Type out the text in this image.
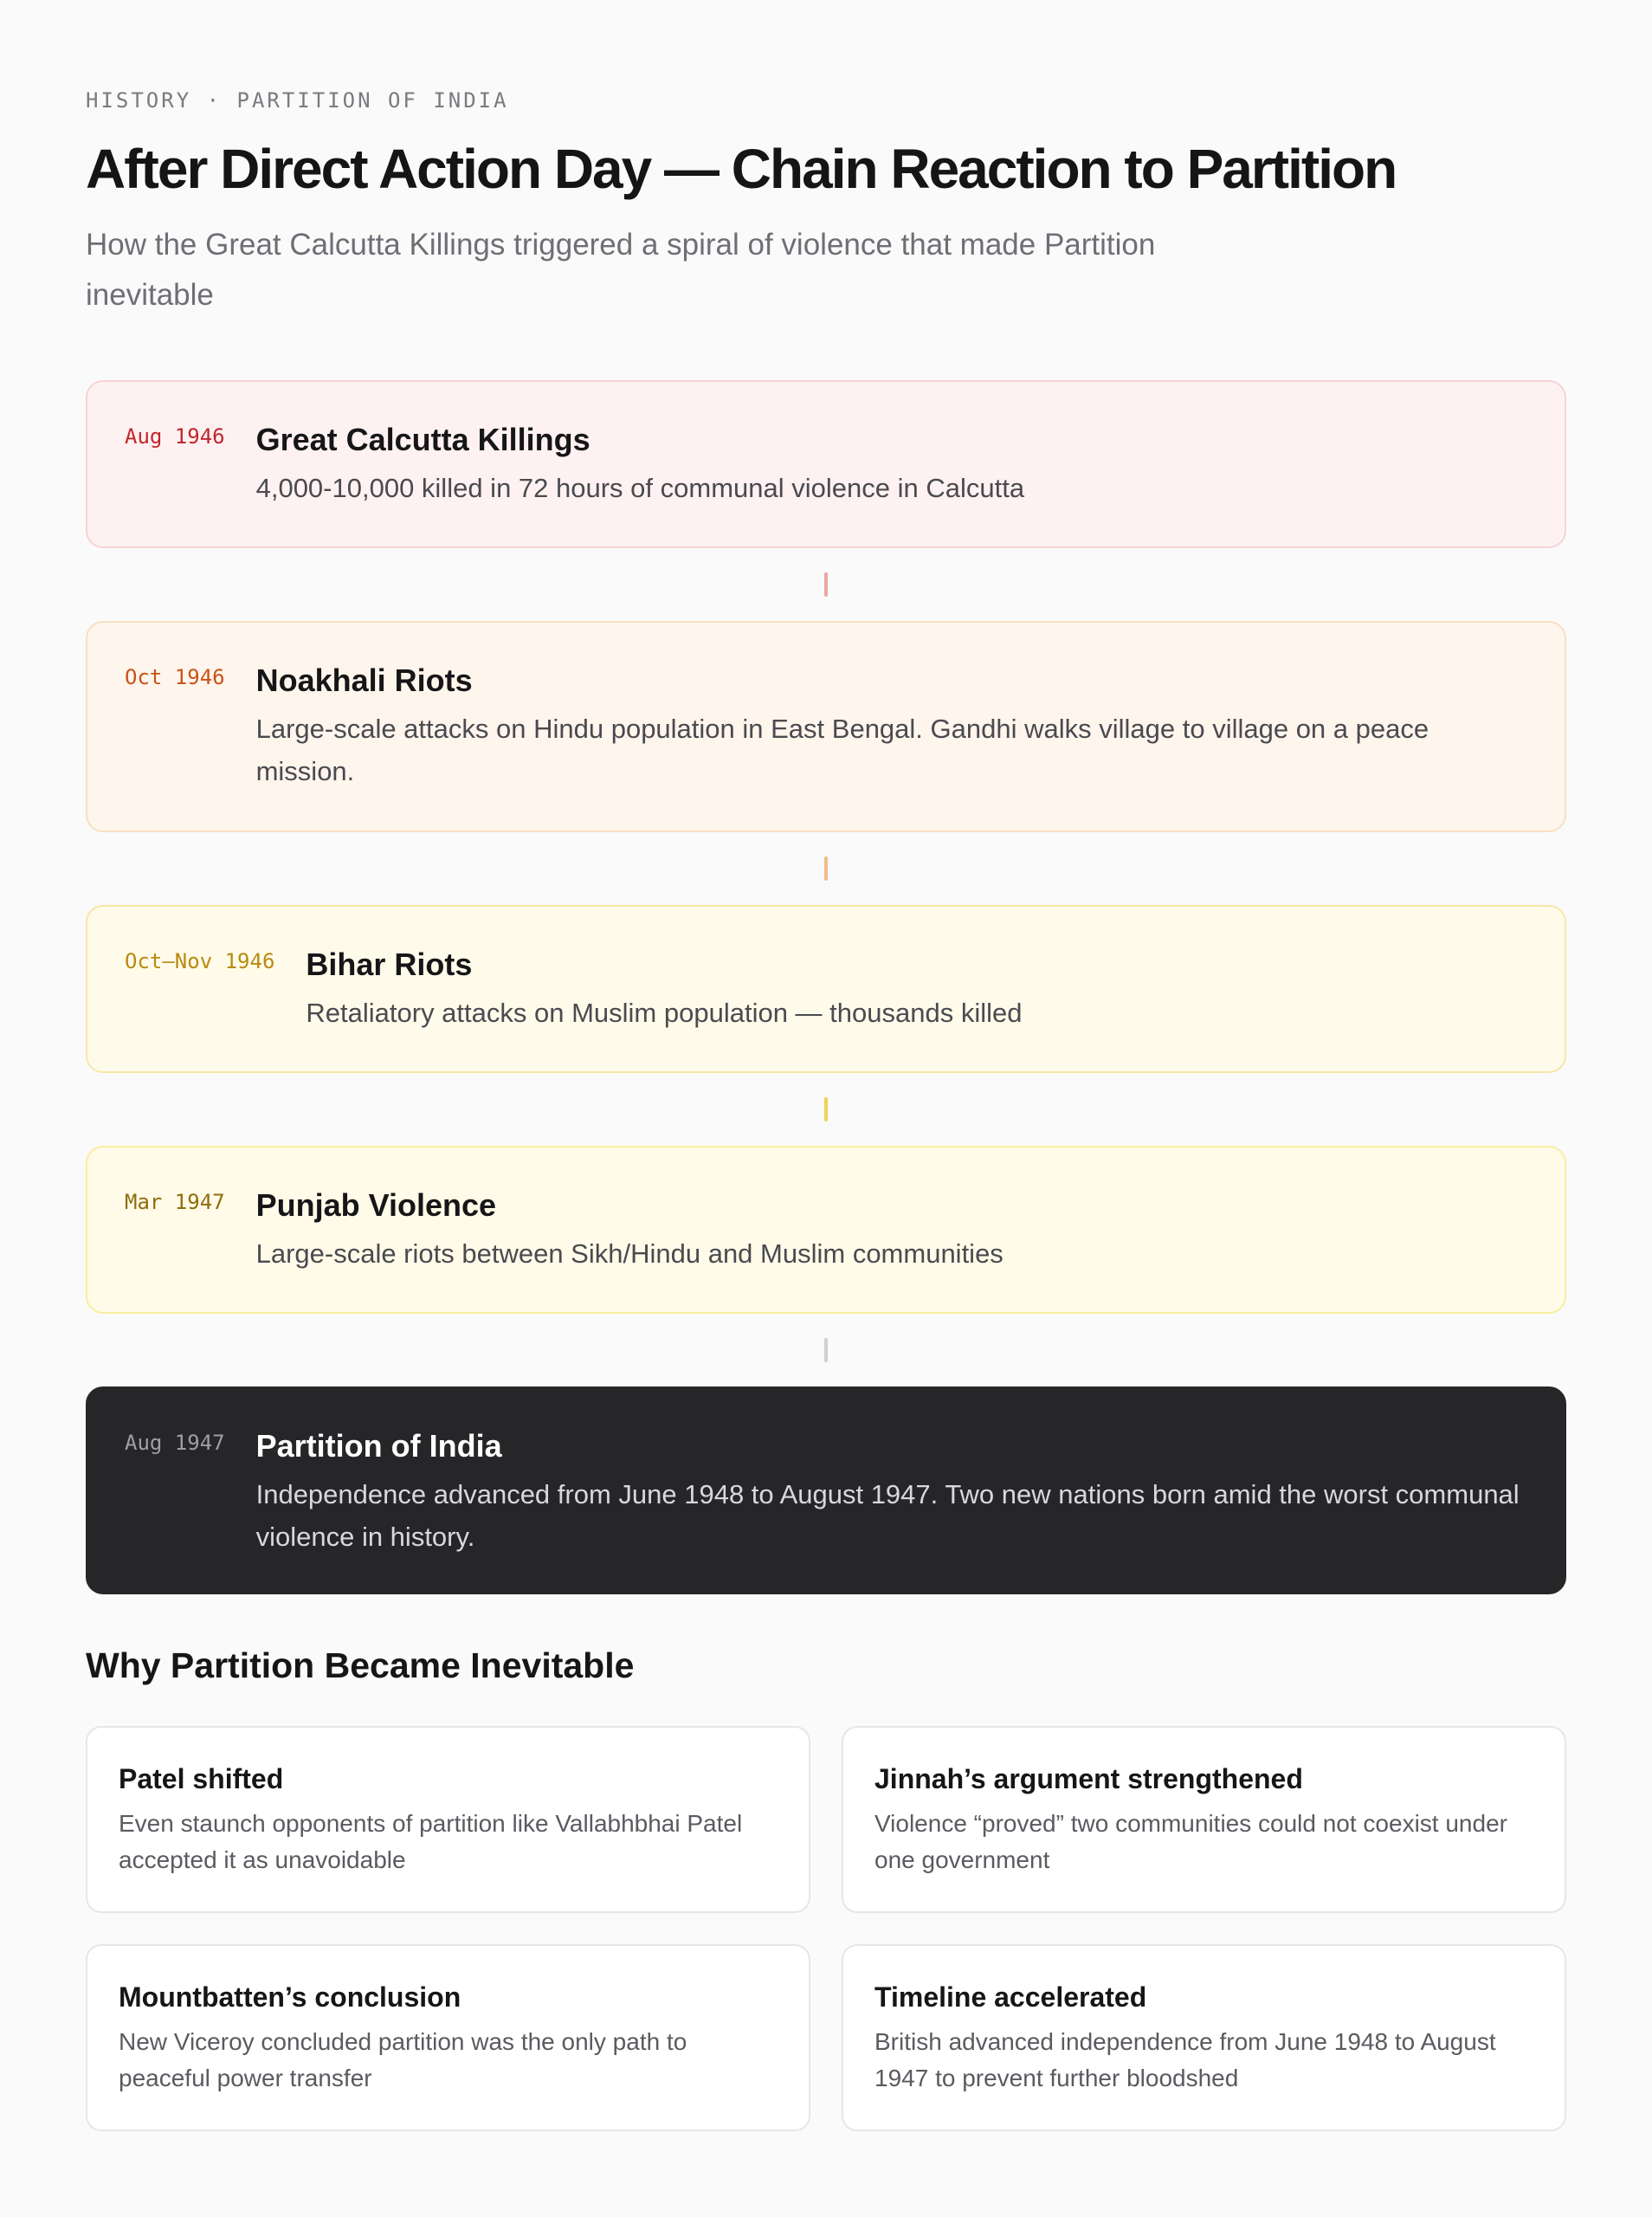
HISTORY · PARTITION OF INDIA
After Direct Action Day — Chain Reaction to Partition

How the Great Calcutta Killings triggered a spiral of violence that made Partition inevitable

Aug 1946 Great Calcutta Killings
4,000-10,000 killed in 72 hours of communal violence in Calcutta
Oct 1946 Noakhali Riots
Large-scale attacks on Hindu population in East Bengal. Gandhi walks village to village on a peace mission.
Oct–Nov 1946 Bihar Riots
Retaliatory attacks on Muslim population — thousands killed
Mar 1947 Punjab Violence
Large-scale riots between Sikh/Hindu and Muslim communities
Aug 1947 Partition of India
Independence advanced from June 1948 to August 1947. Two new nations born amid the worst communal violence in history.
Why Partition Became Inevitable
Patel shifted
Even staunch opponents of partition like Vallabhbhai Patel accepted it as unavoidable
Jinnah’s argument strengthened
Violence “proved” two communities could not coexist under one government
Mountbatten’s conclusion
New Viceroy concluded partition was the only path to peaceful power transfer
Timeline accelerated
British advanced independence from June 1948 to August 1947 to prevent further bloodshed
